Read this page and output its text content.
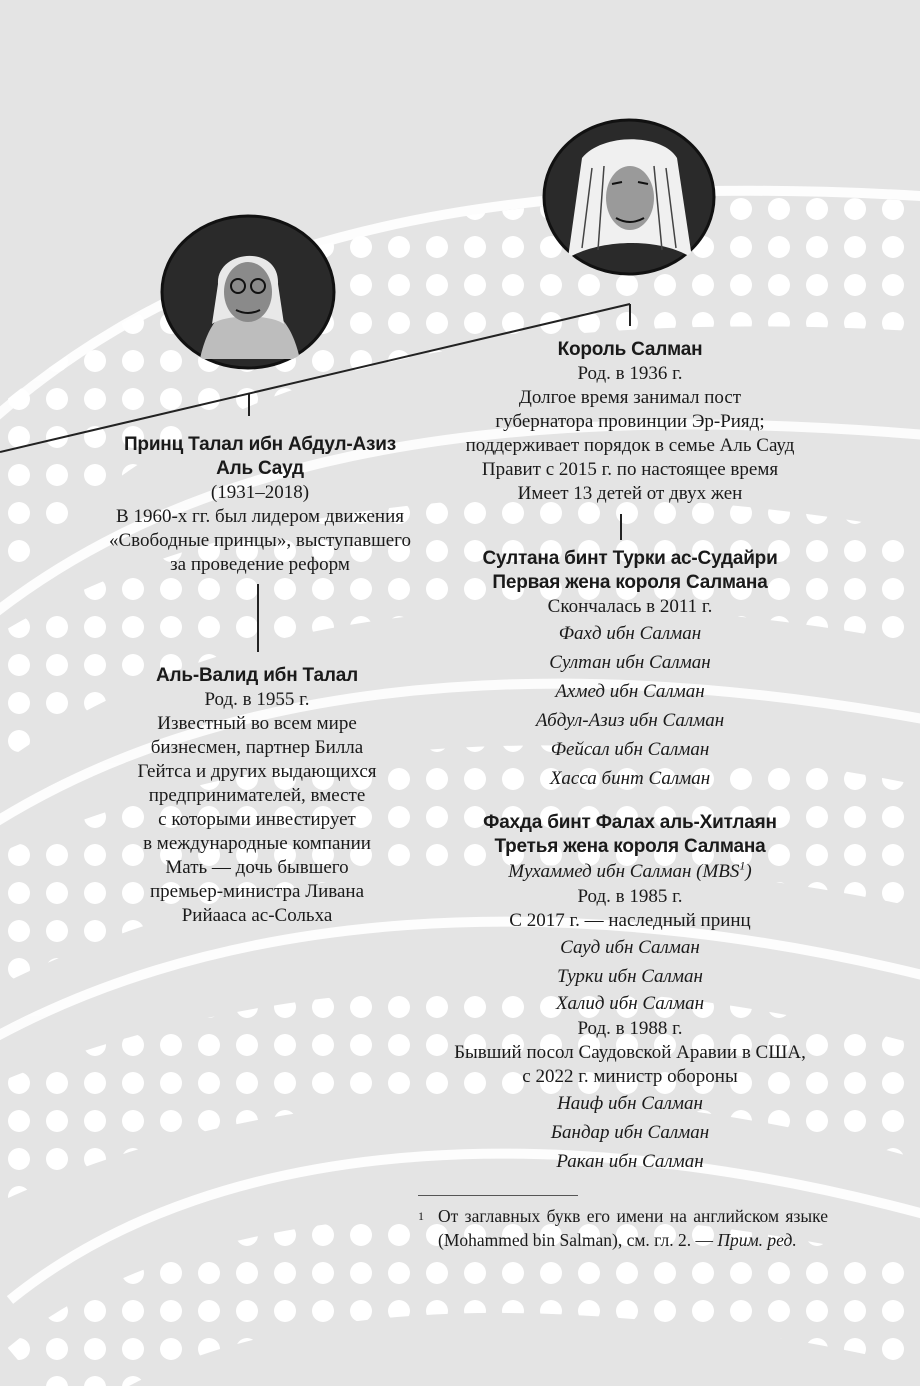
Принц Талал ибн Абдул-Азиз
Аль Сауд
(1931–2018)
В 1960-х гг. был лидером движения
«Свободные принцы», выступавшего
за проведение реформ
Аль-Валид ибн Талал
Род. в 1955 г.
Известный во всем мире
бизнесмен, партнер Билла
Гейтса и других выдающихся
предпринимателей, вместе
с которыми инвестирует
в международные компании
Мать — дочь бывшего
премьер-министра Ливана
Рийааса ас-Сольха
Король Салман
Род. в 1936 г.
Долгое время занимал пост
губернатора провинции Эр-Рияд;
поддерживает порядок в семье Аль Сауд
Правит с 2015 г. по настоящее время
Имеет 13 детей от двух жен
Султана бинт Турки ас-Судайри
Первая жена короля Салмана
Скончалась в 2011 г.
Фахд ибн Салман
Султан ибн Салман
Ахмед ибн Салман
Абдул-Азиз ибн Салман
Фейсал ибн Салман
Хасса бинт Салман
Фахда бинт Фалах аль-Хитлаян
Третья жена короля Салмана
Мухаммед ибн Салман (MBS$^1$)
Род. в 1985 г.
С 2017 г. — наследный принц
Сауд ибн Салман
Турки ибн Салман
Халид ибн Салман
Род. в 1988 г.
Бывший посол Саудовской Аравии в США,
с 2022 г. министр обороны
Наиф ибн Салман
Бандар ибн Салман
Ракан ибн Салман
1 От заглавных букв его имени на английском языке (Mohammed bin Salman), см. гл. 2. — Прим. ред.
